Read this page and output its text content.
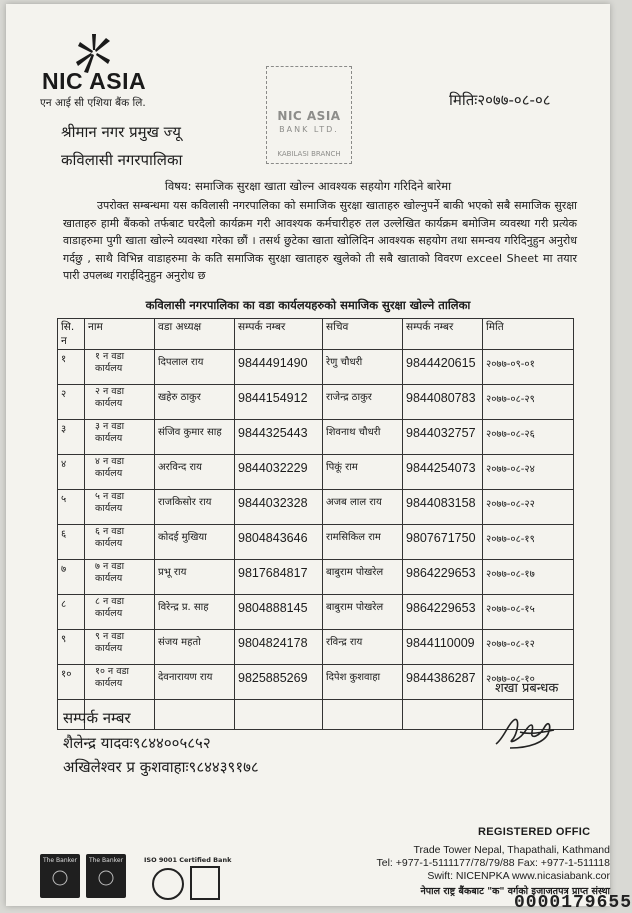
NIC ASIA
एन आई सी एशिया बैंक लि.
NIC ASIA
BANK LTD.
KABILASI BRANCH
मितिः२०७७-०८-०८
श्रीमान नगर प्रमुख ज्यू
कविलासी नगरपालिका
विषय: समाजिक सुरक्षा खाता खोल्न आवश्यक सहयोग गरिदिने बारेमा
उपरोक्त सम्बन्धमा यस कविलासी नगरपालिका को समाजिक सुरक्षा खाताहरु खोल्नुपर्ने बाकी भएको सबै समाजिक सुरक्षा खाताहरु हामी बैंकको तर्फबाट घरदैलो कार्यक्रम गरी आवश्यक कर्मचारीहरु तल उल्लेखित कार्यक्रम बमोजिम व्यवस्था गरी प्रत्येक वाडाहरुमा पुगी खाता खोल्ने व्यवस्था गरेका छौं । तसर्थ छुटेका खाता खोलिदिन आवश्यक सहयोग तथा समन्वय गरिदिनुहुन अनुरोध गर्दछु , साथै विभिन्न वाडाहरुमा के कति समाजिक सुरक्षा खाताहरु खुलेको ती सबै खाताको विवरण exceel Sheet मा तयार पारी उपलब्ध गराईदिनुहुन अनुरोध छ
कविलासी नगरपालिका का वडा कार्यलयहरुको समाजिक सुरक्षा खोल्ने तालिका
सि. न	नाम	वडा अध्यक्ष	सम्पर्क नम्बर	सचिव	सम्पर्क नम्बर	मिति
१	१ न वडा कार्यलय	दिपलाल राय	9844491490	रेणु चौधरी	9844420615	२०७७-०९-०१
२	२ न वडा कार्यलय	खहेरु ठाकुर	9844154912	राजेन्द्र ठाकुर	9844080783	२०७७-०८-२९
३	३ न वडा कार्यलय	संजिव कुमार साह	9844325443	शिवनाथ चौधरी	9844032757	२०७७-०८-२६
४	४ न वडा कार्यलय	अरविन्द राय	9844032229	पिकूं राम	9844254073	२०७७-०८-२४
५	५ न वडा कार्यलय	राजकिसोर राय	9844032328	अजब लाल राय	9844083158	२०७७-०८-२२
६	६ न वडा कार्यलय	कोदई मुखिया	9804843646	रामसिकिल राम	9807671750	२०७७-०८-१९
७	७ न वडा कार्यलय	प्रभू राय	9817684817	बाबुराम पोखरेल	9864229653	२०७७-०८-१७
८	८ न वडा कार्यलय	विरेन्द्र प्र. साह	9804888145	बाबुराम पोखरेल	9864229653	२०७७-०८-१५
९	९ न वडा कार्यलय	संजय महतो	9804824178	रविन्द्र राय	9844110009	२०७७-०८-१२
१०	१० न वडा कार्यलय	देवनारायण राय	9825885269	दिपेश कुशवाहा	9844386287	२०७७-०८-१०

शखा प्रबन्धक
सम्पर्क नम्बर
शैलेन्द्र यादवः९८४४००५८५२
अखिलेश्वर प्र कुशवाहाः९८४४३९१७८
The Banker	The Banker	ISO 9001 Certified Bank
REGISTERED OFFIC
Trade Tower Nepal, Thapathali, Kathmand
Tel: +977-1-5111177/78/79/88 Fax: +977-1-511118
Swift: NICENPKA www.nicasiabank.cor
नेपाल राष्ट्र बैंकबाट "क" वर्गको इजाजतपत्र प्राप्त संस्था
0000179655
